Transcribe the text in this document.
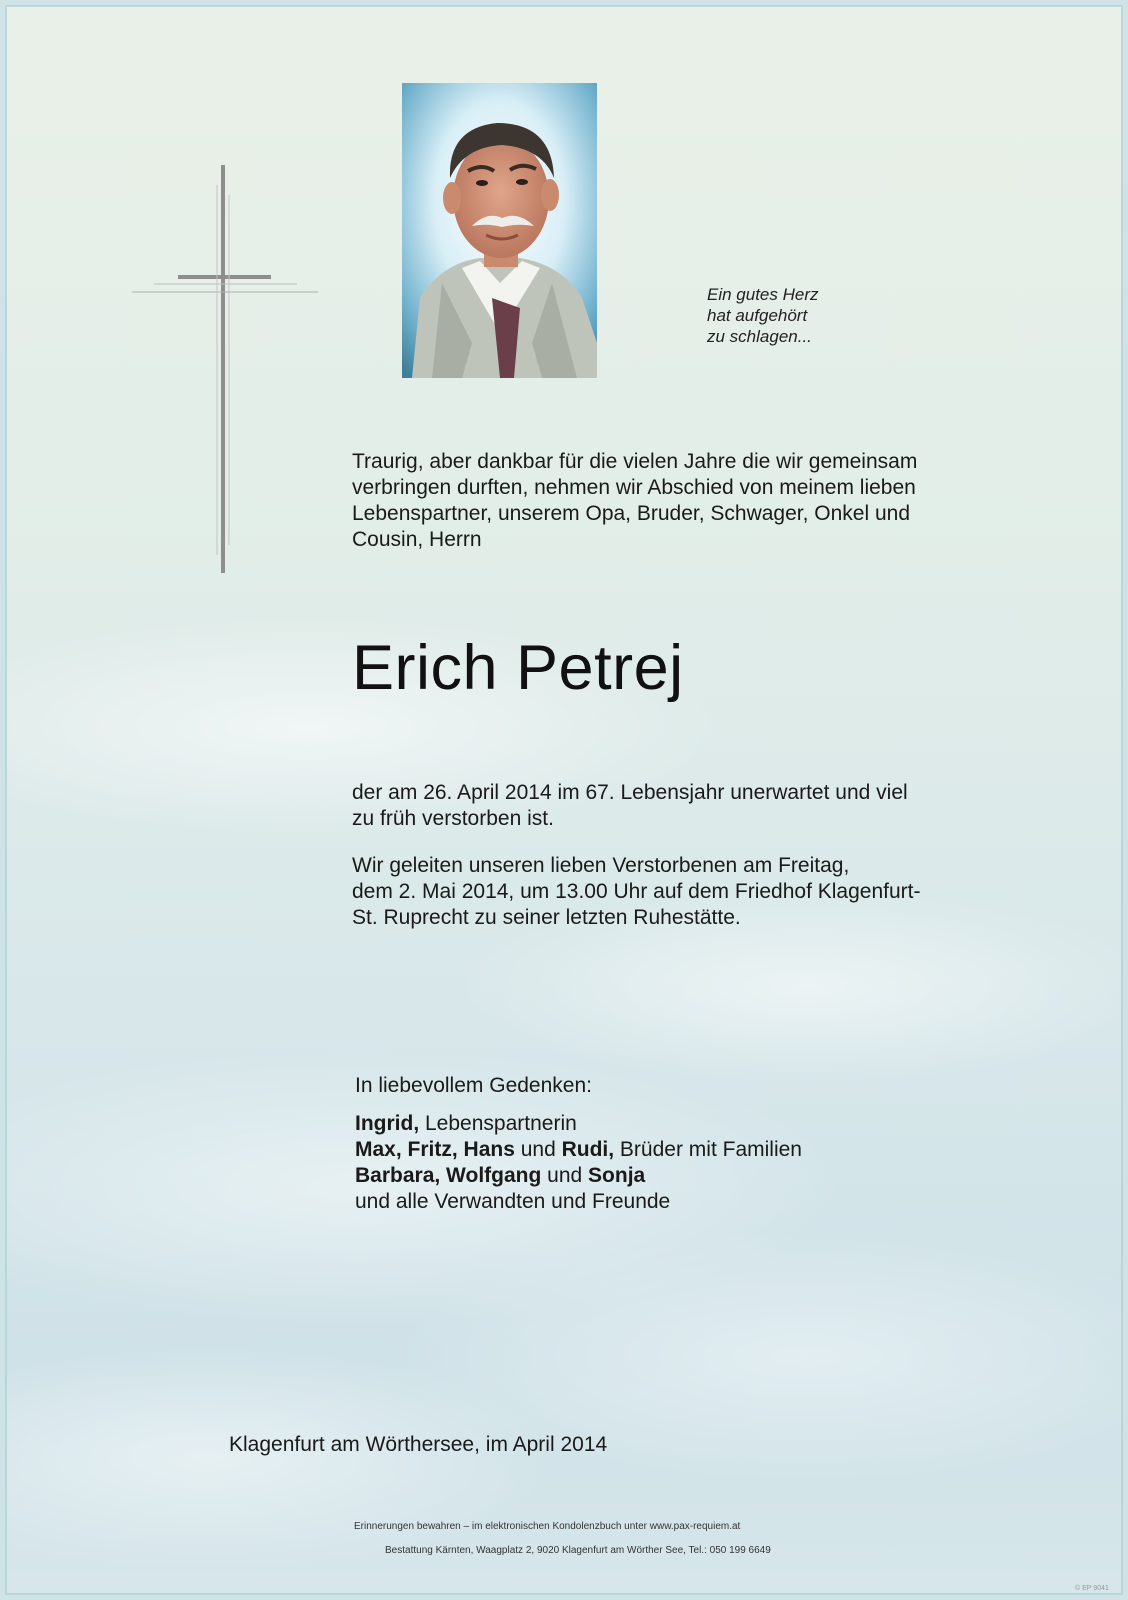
Ein gutes Herz
hat aufgehört
zu schlagen...
Traurig, aber dankbar für die vielen Jahre die wir gemeinsam
verbringen durften, nehmen wir Abschied von meinem lieben
Lebenspartner, unserem Opa, Bruder, Schwager, Onkel und
Cousin, Herrn
Erich Petrej
der am 26. April 2014 im 67. Lebensjahr unerwartet und viel
zu früh verstorben ist.
Wir geleiten unseren lieben Verstorbenen am Freitag,
dem 2. Mai 2014, um 13.00 Uhr auf dem Friedhof Klagenfurt-
St. Ruprecht zu seiner letzten Ruhestätte.
In liebevollem Gedenken:
Ingrid, Lebenspartnerin
Max, Fritz, Hans und Rudi, Brüder mit Familien
Barbara, Wolfgang und Sonja
und alle Verwandten und Freunde
Klagenfurt am Wörthersee, im April 2014
Erinnerungen bewahren – im elektronischen Kondolenzbuch unter www.pax-requiem.at
Bestattung Kärnten, Waagplatz 2, 9020 Klagenfurt am Wörther See, Tel.: 050 199 6649
© EP 9041
